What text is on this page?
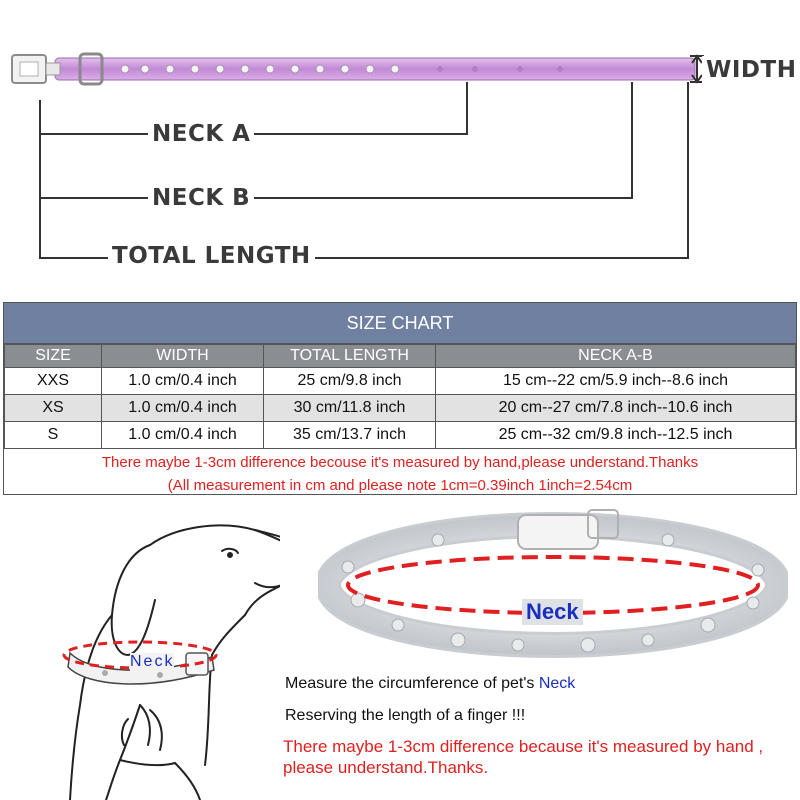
WIDTH
NECK A
NECK B
TOTAL LENGTH
SIZE CHART
SIZE	WIDTH	TOTAL LENGTH	NECK A-B
XXS	1.0 cm/0.4 inch	25 cm/9.8 inch	15 cm--22 cm/5.9 inch--8.6 inch
XS	1.0 cm/0.4 inch	30 cm/11.8 inch	20 cm--27 cm/7.8 inch--10.6 inch
S	1.0 cm/0.4 inch	35 cm/13.7 inch	25 cm--32 cm/9.8 inch--12.5 inch
There maybe 1-3cm difference becouse it's measured by hand,please understand.Thanks
(All measurement in cm and please note 1cm=0.39inch 1inch=2.54cm
Neck
Neck
Measure the circumference of pet's Neck
Reserving the length of a finger !!!
There maybe 1-3cm difference because it's measured by hand , please understand.Thanks.
